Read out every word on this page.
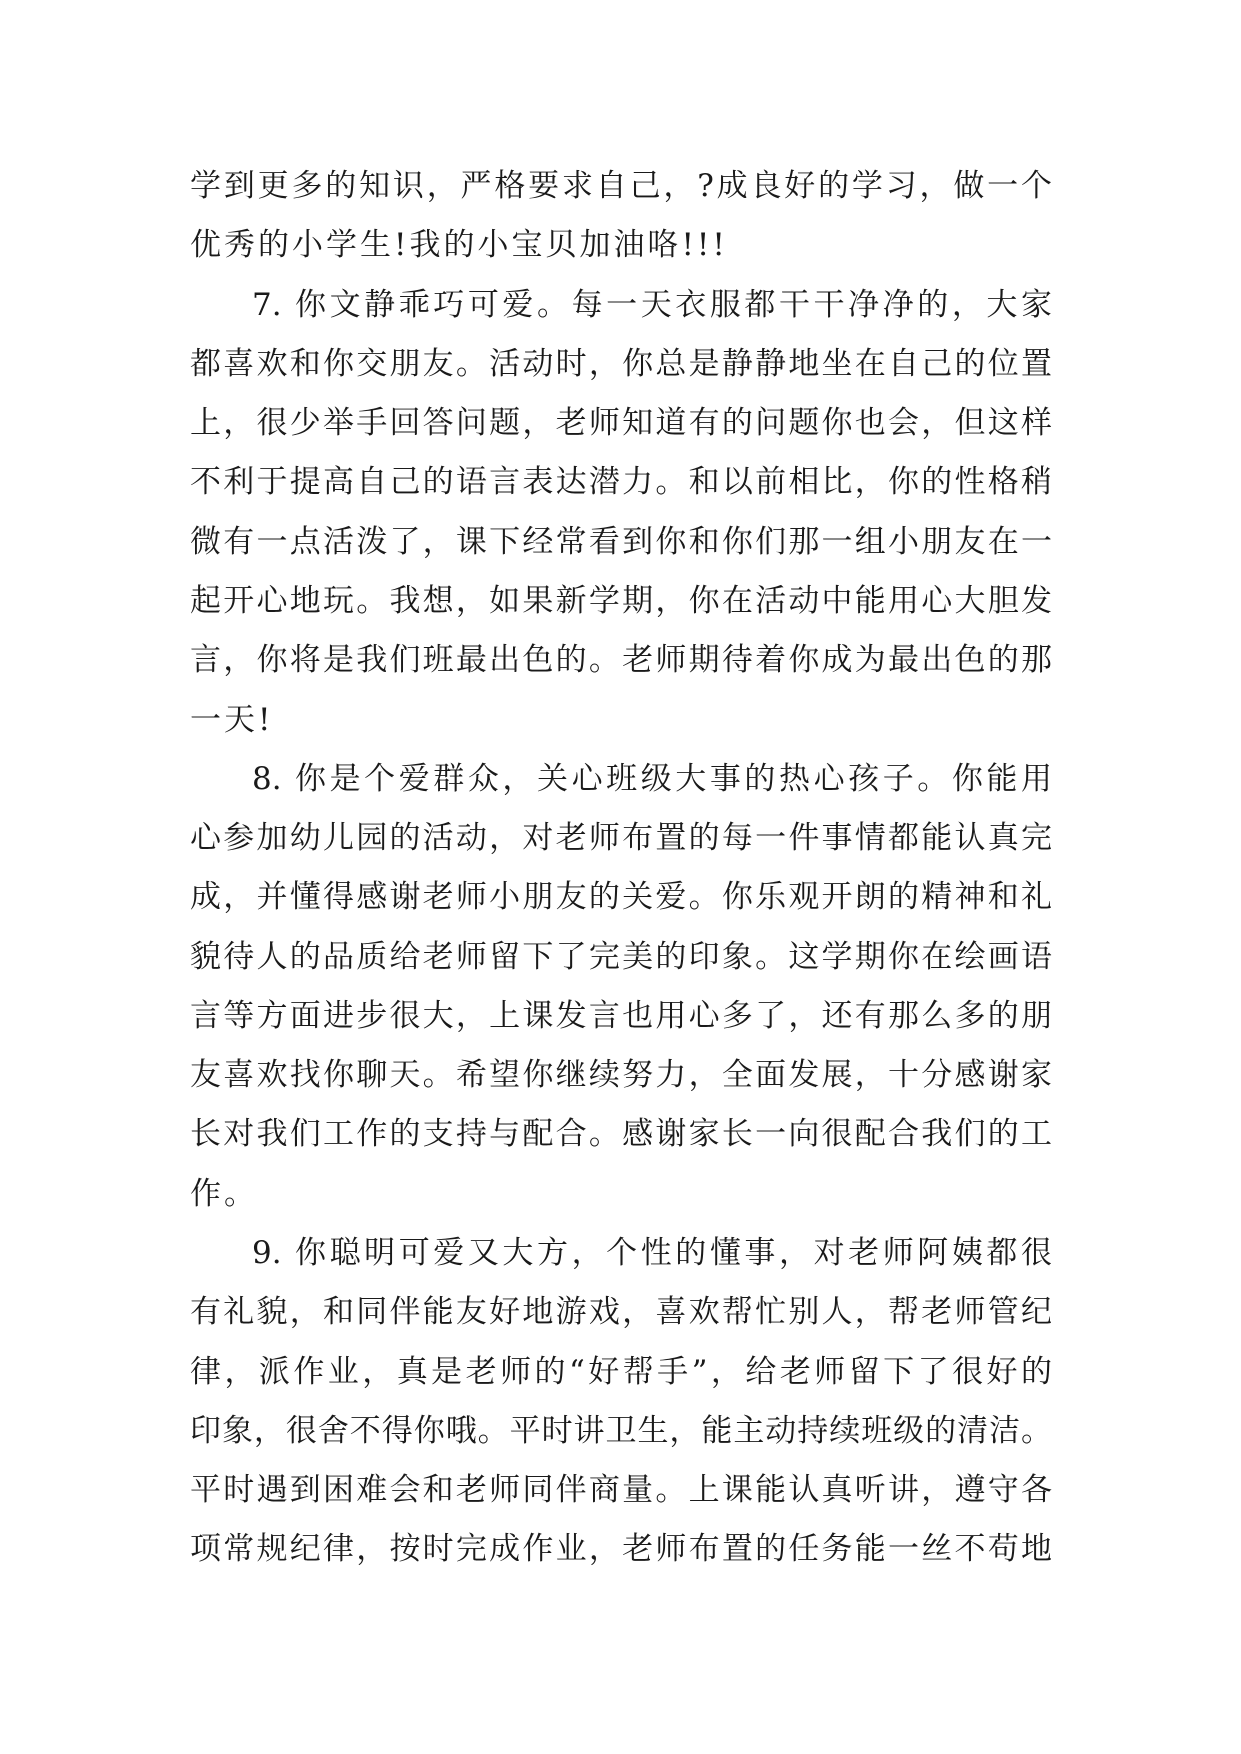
学到更多的知识，严格要求自己，?成良好的学习，做一个
优秀的小学生!我的小宝贝加油咯!!!
7. 你文静乖巧可爱。每一天衣服都干干净净的，大家
都喜欢和你交朋友。活动时，你总是静静地坐在自己的位置
上，很少举手回答问题，老师知道有的问题你也会，但这样
不利于提高自己的语言表达潜力。和以前相比，你的性格稍
微有一点活泼了，课下经常看到你和你们那一组小朋友在一
起开心地玩。我想，如果新学期，你在活动中能用心大胆发
言，你将是我们班最出色的。老师期待着你成为最出色的那
一天!
8. 你是个爱群众，关心班级大事的热心孩子。你能用
心参加幼儿园的活动，对老师布置的每一件事情都能认真完
成，并懂得感谢老师小朋友的关爱。你乐观开朗的精神和礼
貌待人的品质给老师留下了完美的印象。这学期你在绘画语
言等方面进步很大，上课发言也用心多了，还有那么多的朋
友喜欢找你聊天。希望你继续努力，全面发展，十分感谢家
长对我们工作的支持与配合。感谢家长一向很配合我们的工
作。
9. 你聪明可爱又大方，个性的懂事，对老师阿姨都很
有礼貌，和同伴能友好地游戏，喜欢帮忙别人，帮老师管纪
律，派作业，真是老师的“好帮手”，给老师留下了很好的
印象，很舍不得你哦。平时讲卫生，能主动持续班级的清洁。
平时遇到困难会和老师同伴商量。上课能认真听讲，遵守各
项常规纪律，按时完成作业，老师布置的任务能一丝不苟地
